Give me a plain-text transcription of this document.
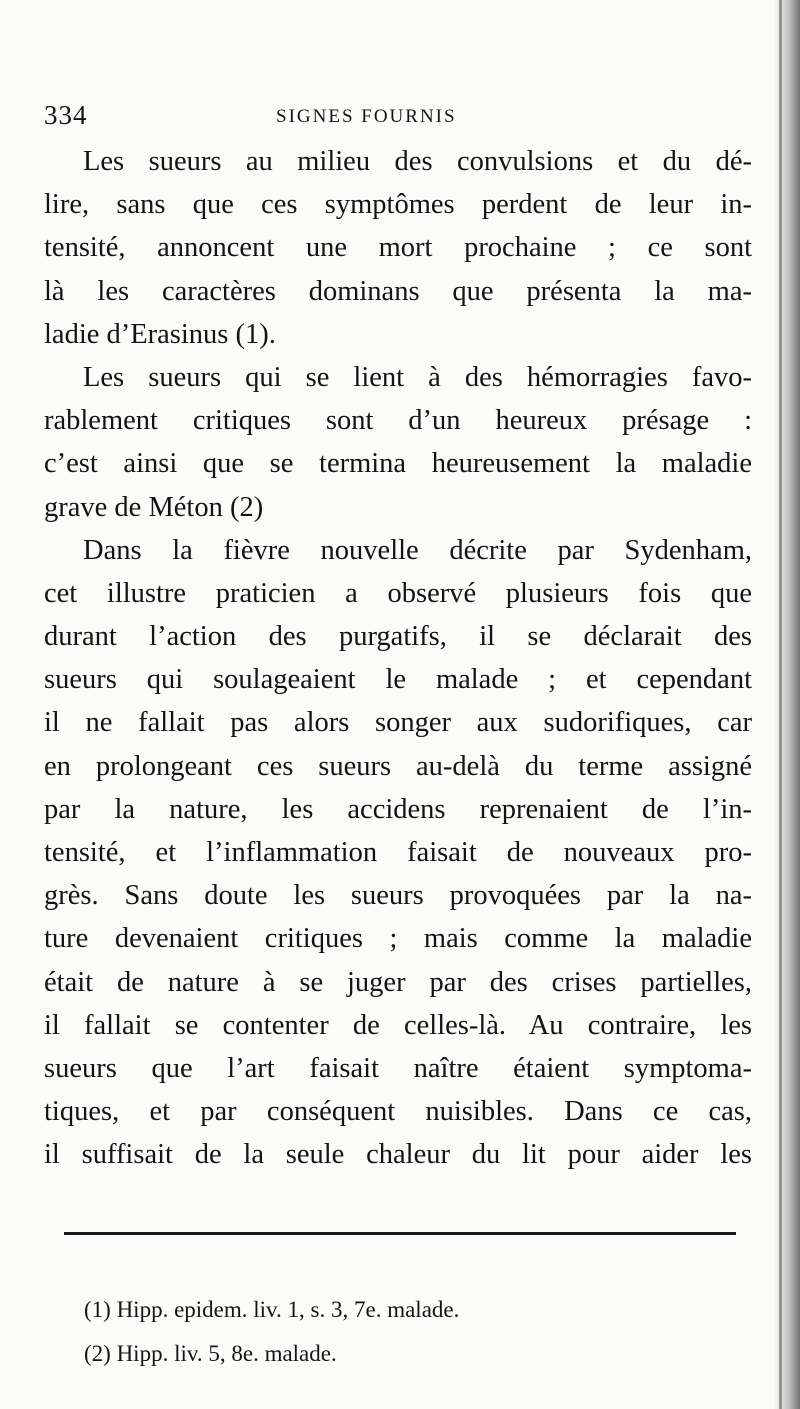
334	SIGNES FOURNIS
Les sueurs au milieu des convulsions et du dé-
lire, sans que ces symptômes perdent de leur in-
tensité, annoncent une mort prochaine ; ce sont
là les caractères dominans que présenta la ma-
ladie d’Erasinus (1).
Les sueurs qui se lient à des hémorragies favo-
rablement critiques sont d’un heureux présage :
c’est ainsi que se termina heureusement la maladie
grave de Méton (2)
Dans la fièvre nouvelle décrite par Sydenham,
cet illustre praticien a observé plusieurs fois que
durant l’action des purgatifs, il se déclarait des
sueurs qui soulageaient le malade ; et cependant
il ne fallait pas alors songer aux sudorifiques, car
en prolongeant ces sueurs au-delà du terme assigné
par la nature, les accidens reprenaient de l’in-
tensité, et l’inflammation faisait de nouveaux pro-
grès. Sans doute les sueurs provoquées par la na-
ture devenaient critiques ; mais comme la maladie
était de nature à se juger par des crises partielles,
il fallait se contenter de celles-là. Au contraire, les
sueurs que l’art faisait naître étaient symptoma-
tiques, et par conséquent nuisibles. Dans ce cas,
il suffisait de la seule chaleur du lit pour aider les
(1) Hipp. epidem. liv. 1, s. 3, 7e. malade.
(2) Hipp. liv. 5, 8e. malade.
